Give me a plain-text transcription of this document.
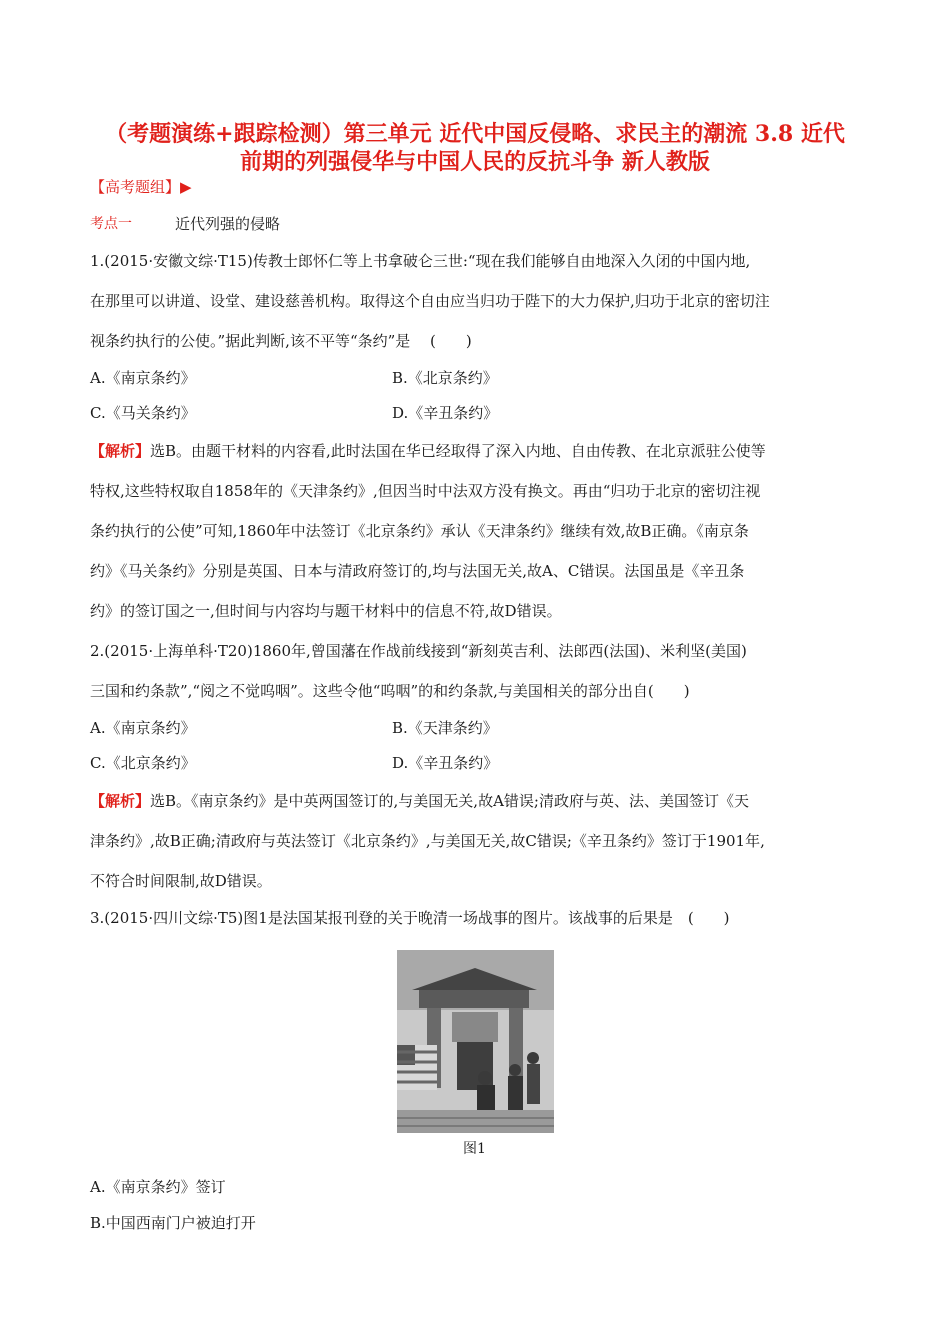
（考题演练+跟踪检测）第三单元 近代中国反侵略、求民主的潮流 3.8 近代
前期的列强侵华与中国人民的反抗斗争 新人教版
【高考题组】▶
考点一	近代列强的侵略
1.(2015·安徽文综·T15)传教士郎怀仁等上书拿破仑三世:“现在我们能够自由地深入久闭的中国内地,
在那里可以讲道、设堂、建设慈善机构。取得这个自由应当归功于陛下的大力保护,归功于北京的密切注
视条约执行的公使。”据此判断,该不平等“条约”是 　(　　)
A.《南京条约》	B.《北京条约》
C.《马关条约》	D.《辛丑条约》
【解析】选B。由题干材料的内容看,此时法国在华已经取得了深入内地、自由传教、在北京派驻公使等
特权,这些特权取自1858年的《天津条约》,但因当时中法双方没有换文。再由“归功于北京的密切注视
条约执行的公使”可知,1860年中法签订《北京条约》承认《天津条约》继续有效,故B正确。《南京条
约》《马关条约》分别是英国、日本与清政府签订的,均与法国无关,故A、C错误。法国虽是《辛丑条
约》的签订国之一,但时间与内容均与题干材料中的信息不符,故D错误。
2.(2015·上海单科·T20)1860年,曾国藩在作战前线接到“新刻英吉利、法郎西(法国)、米利坚(美国)
三国和约条款”,“阅之不觉呜咽”。这些令他“呜咽”的和约条款,与美国相关的部分出自(　　)
A.《南京条约》	B.《天津条约》
C.《北京条约》	D.《辛丑条约》
【解析】选B。《南京条约》是中英两国签订的,与美国无关,故A错误;清政府与英、法、美国签订《天
津条约》,故B正确;清政府与英法签订《北京条约》,与美国无关,故C错误;《辛丑条约》签订于1901年,
不符合时间限制,故D错误。
3.(2015·四川文综·T5)图1是法国某报刊登的关于晚清一场战事的图片。该战事的后果是　(　　)
图1
A.《南京条约》签订
B.中国西南门户被迫打开
